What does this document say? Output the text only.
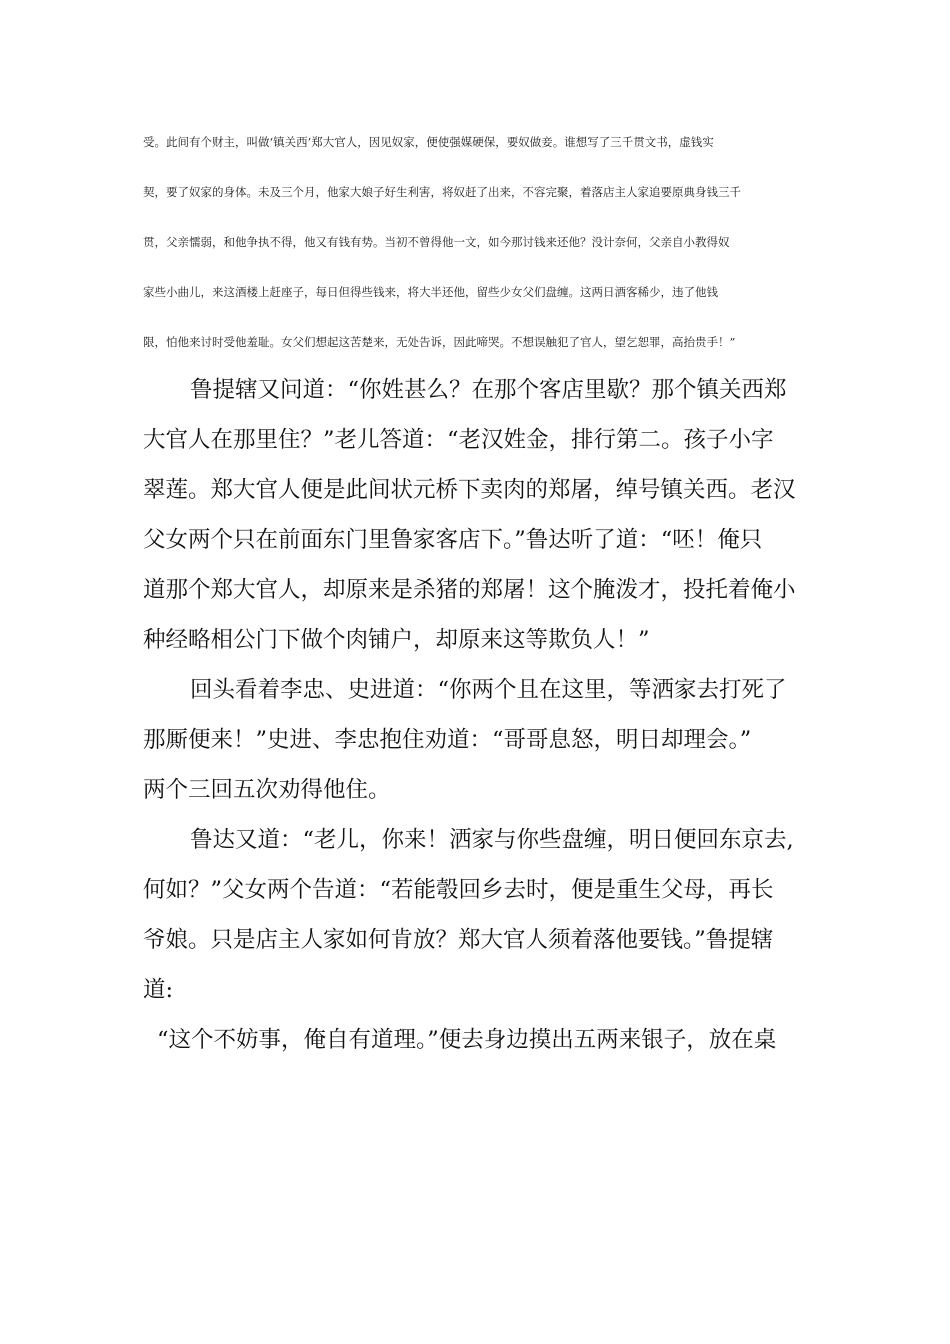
受。此间有个财主，叫做‘镇关西’郑大官人，因见奴家，便使强媒硬保，要奴做妾。谁想写了三千贯文书，虚钱实
契，要了奴家的身体。未及三个月，他家大娘子好生利害，将奴赶了出来，不容完聚，着落店主人家追要原典身钱三千
贯，父亲懦弱，和他争执不得，他又有钱有势。当初不曾得他一文，如今那讨钱来还他？没计奈何，父亲自小教得奴
家些小曲儿，来这酒楼上赶座子，每日但得些钱来，将大半还他，留些少女父们盘缠。这两日酒客稀少，违了他钱
限，怕他来讨时受他羞耻。女父们想起这苦楚来，无处告诉，因此啼哭。不想误触犯了官人，望乞恕罪，高抬贵手！”
鲁提辖又问道：“你姓甚么？在那个客店里歇？那个镇关西郑
大官人在那里住？”老儿答道：“老汉姓金，排行第二。孩子小字
翠莲。郑大官人便是此间状元桥下卖肉的郑屠，绰号镇关西。老汉
父女两个只在前面东门里鲁家客店下。”鲁达听了道：“呸！俺只
道那个郑大官人，却原来是杀猪的郑屠！这个腌泼才，投托着俺小
种经略相公门下做个肉铺户，却原来这等欺负人！”
回头看着李忠、史进道：“你两个且在这里，等洒家去打死了
那厮便来！”史进、李忠抱住劝道：“哥哥息怒，明日却理会。”
两个三回五次劝得他住。
鲁达又道：“老儿，你来！洒家与你些盘缠，明日便回东京去,
何如？”父女两个告道：“若能彀回乡去时，便是重生父母，再长
爷娘。只是店主人家如何肯放？郑大官人须着落他要钱。”鲁提辖
道:
“这个不妨事，俺自有道理。”便去身边摸出五两来银子，放在桌
